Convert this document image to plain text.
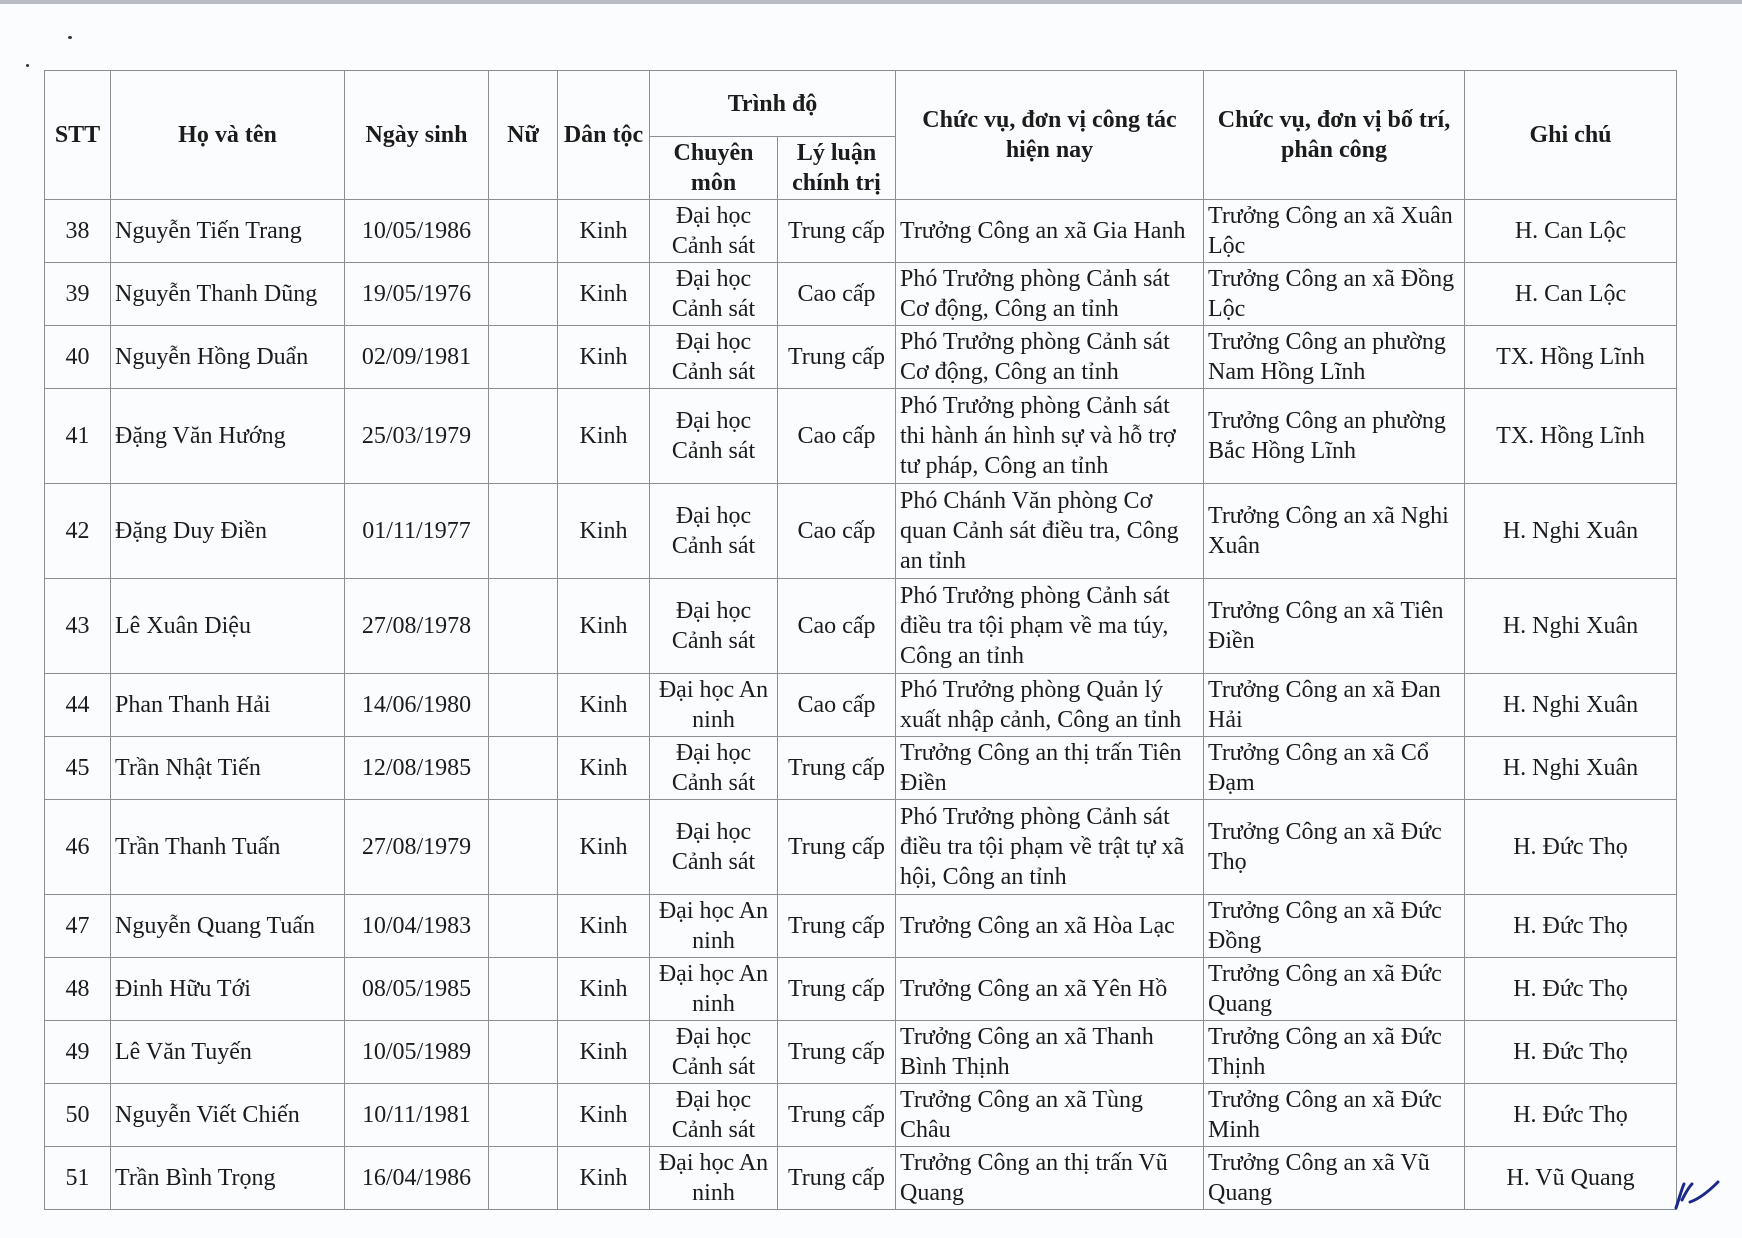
STT	Họ và tên	Ngày sinh	Nữ	Dân tộc	Trình độ		Chức vụ, đơn vị công tác hiện nay	Chức vụ, đơn vị bố trí, phân công	Ghi chú
					Chuyên môn	Lý luận chính trị			
38	Nguyễn Tiến Trang	10/05/1986		Kinh	Đại học Cảnh sát	Trung cấp	Trưởng Công an xã Gia Hanh	Trưởng Công an xã Xuân Lộc	H. Can Lộc
39	Nguyễn Thanh Dũng	19/05/1976		Kinh	Đại học Cảnh sát	Cao cấp	Phó Trưởng phòng Cảnh sát Cơ động, Công an tỉnh	Trưởng Công an xã Đồng Lộc	H. Can Lộc
40	Nguyễn Hồng Duẩn	02/09/1981		Kinh	Đại học Cảnh sát	Trung cấp	Phó Trưởng phòng Cảnh sát Cơ động, Công an tỉnh	Trưởng Công an phường Nam Hồng Lĩnh	TX. Hồng Lĩnh
41	Đặng Văn Hướng	25/03/1979		Kinh	Đại học Cảnh sát	Cao cấp	Phó Trưởng phòng Cảnh sát thi hành án hình sự và hỗ trợ tư pháp, Công an tỉnh	Trưởng Công an phường Bắc Hồng Lĩnh	TX. Hồng Lĩnh
42	Đặng Duy Điền	01/11/1977		Kinh	Đại học Cảnh sát	Cao cấp	Phó Chánh Văn phòng Cơ quan Cảnh sát điều tra, Công an tỉnh	Trưởng Công an xã Nghi Xuân	H. Nghi Xuân
43	Lê Xuân Diệu	27/08/1978		Kinh	Đại học Cảnh sát	Cao cấp	Phó Trưởng phòng Cảnh sát điều tra tội phạm về ma túy, Công an tỉnh	Trưởng Công an xã Tiên Điền	H. Nghi Xuân
44	Phan Thanh Hải	14/06/1980		Kinh	Đại học An ninh	Cao cấp	Phó Trưởng phòng Quản lý xuất nhập cảnh, Công an tỉnh	Trưởng Công an xã Đan Hải	H. Nghi Xuân
45	Trần Nhật Tiến	12/08/1985		Kinh	Đại học Cảnh sát	Trung cấp	Trưởng Công an thị trấn Tiên Điền	Trưởng Công an xã Cổ Đạm	H. Nghi Xuân
46	Trần Thanh Tuấn	27/08/1979		Kinh	Đại học Cảnh sát	Trung cấp	Phó Trưởng phòng Cảnh sát điều tra tội phạm về trật tự xã hội, Công an tỉnh	Trưởng Công an xã Đức Thọ	H. Đức Thọ
47	Nguyễn Quang Tuấn	10/04/1983		Kinh	Đại học An ninh	Trung cấp	Trưởng Công an xã Hòa Lạc	Trưởng Công an xã Đức Đồng	H. Đức Thọ
48	Đinh Hữu Tới	08/05/1985		Kinh	Đại học An ninh	Trung cấp	Trưởng Công an xã Yên Hồ	Trưởng Công an xã Đức Quang	H. Đức Thọ
49	Lê Văn Tuyến	10/05/1989		Kinh	Đại học Cảnh sát	Trung cấp	Trưởng Công an xã Thanh Bình Thịnh	Trưởng Công an xã Đức Thịnh	H. Đức Thọ
50	Nguyễn Viết Chiến	10/11/1981		Kinh	Đại học Cảnh sát	Trung cấp	Trưởng Công an xã Tùng Châu	Trưởng Công an xã Đức Minh	H. Đức Thọ
51	Trần Bình Trọng	16/04/1986		Kinh	Đại học An ninh	Trung cấp	Trưởng Công an thị trấn Vũ Quang	Trưởng Công an xã Vũ Quang	H. Vũ Quang
